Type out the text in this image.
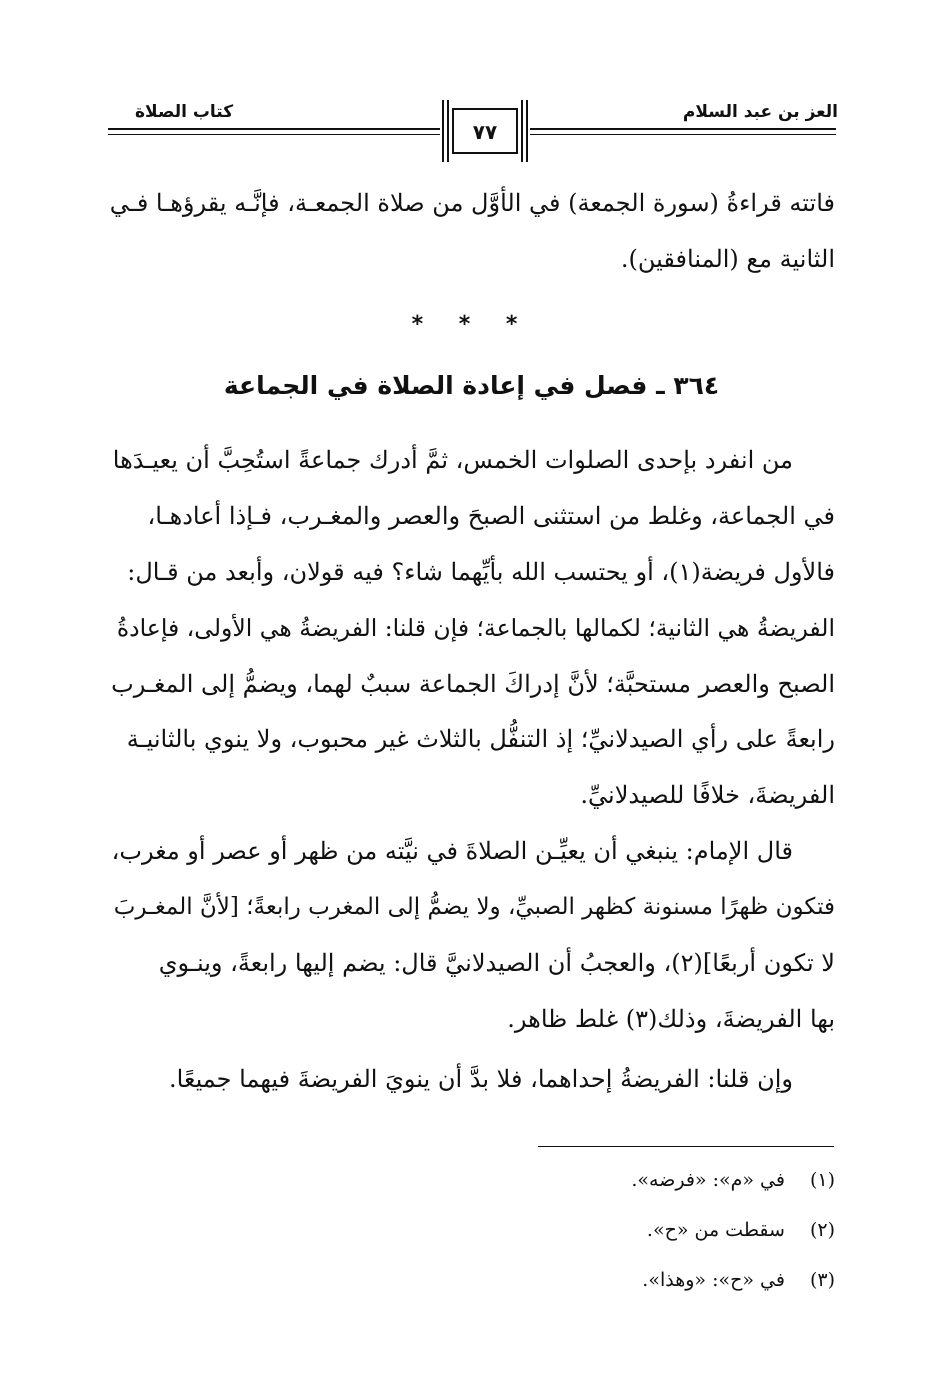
العز بن عبد السلام
كتاب الصلاة
٧٧
فاتته قراءةُ (سورة الجمعة) في الأوَّل من صلاة الجمعـة، فإنَّـه يقرؤهـا فـي
الثانية مع (المنافقين).
* * *
٣٦٤ ـ فصل في إعادة الصلاة في الجماعة
من انفرد بإحدى الصلوات الخمس، ثمَّ أدرك جماعةً استُحِبَّ أن يعيـدَها
في الجماعة، وغلط من استثنى الصبحَ والعصر والمغـرب، فـإذا أعادهـا،
فالأول فريضة(١)، أو يحتسب الله بأيِّهما شاء؟ فيه قولان، وأبعد من قـال:
الفريضةُ هي الثانية؛ لكمالها بالجماعة؛ فإن قلنا: الفريضةُ هي الأولى، فإعادةُ
الصبح والعصر مستحبَّة؛ لأنَّ إدراكَ الجماعة سببٌ لهما، ويضمُّ إلى المغـرب
رابعةً على رأي الصيدلانيِّ؛ إذ التنفُّل بالثلاث غير محبوب، ولا ينوي بالثانيـة
الفريضةَ، خلافًا للصيدلانيِّ.
قال الإمام: ينبغي أن يعيِّـن الصلاةَ في نيَّته من ظهر أو عصر أو مغرب،
فتكون ظهرًا مسنونة كظهر الصبيِّ، ولا يضمُّ إلى المغرب رابعةً؛ [لأنَّ المغـربَ
لا تكون أربعًا](٢)، والعجبُ أن الصيدلانيَّ قال: يضم إليها رابعةً، وينـوي
بها الفريضةَ، وذلك(٣) غلط ظاهر.
وإن قلنا: الفريضةُ إحداهما، فلا بدَّ أن ينويَ الفريضةَ فيهما جميعًا.
(١) في «م»: «فرضه».
(٢) سقطت من «ح».
(٣) في «ح»: «وهذا».
